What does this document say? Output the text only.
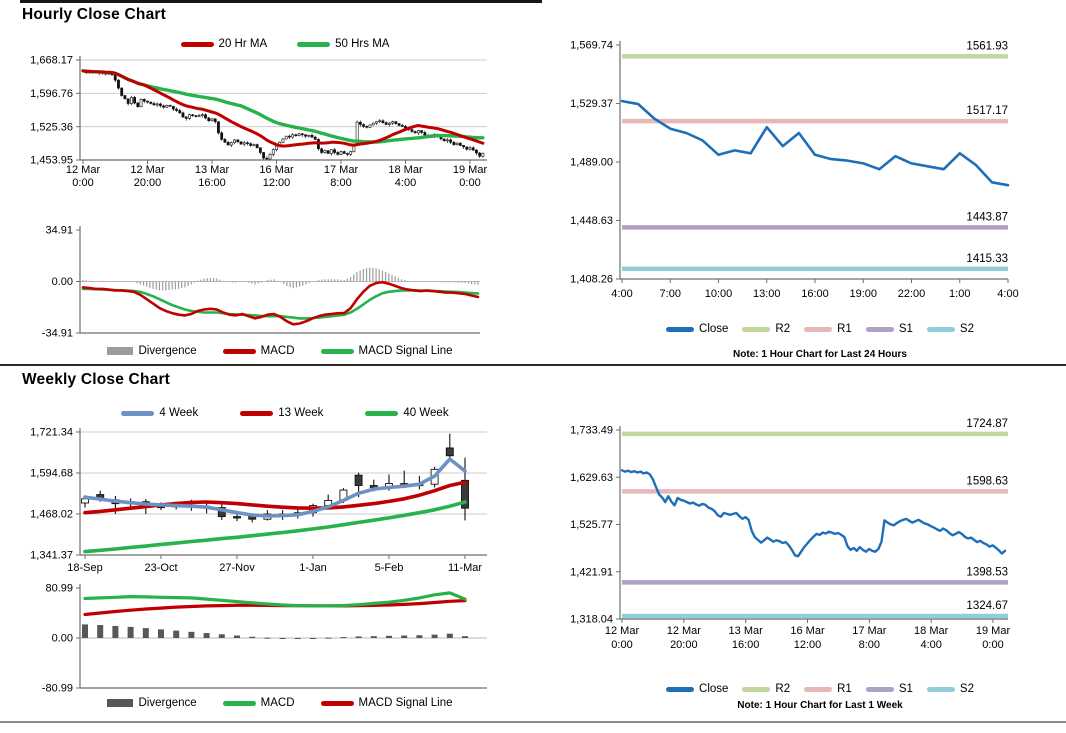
Hourly Close Chart
20 Hr MA	50 Hrs MA
Divergence	MACD	MACD Signal Line
Close	R2	R1	S1	S2
Note: 1 Hour Chart for Last 24 Hours
Weekly Close Chart
4 Week	13 Week	40 Week
Divergence	MACD	MACD Signal Line
Close	R2	R1	S1	S2
Note: 1 Hour Chart for Last 1 Week
1,668.17
1,596.76
1,525.36
1,453.95
12 Mar 0:00
12 Mar 20:00
13 Mar 16:00
16 Mar 12:00
17 Mar 8:00
18 Mar 4:00
19 Mar 0:00
34.91
0.00
-34.91
1,569.74
1,529.37
1,489.00
1,448.63
1,408.26
4:00 7:00 10:00 13:00 16:00 19:00 22:00 1:00 4:00
1561.93
1517.17
1443.87
1415.33
1,721.34
1,594.68
1,468.02
1,341.37
18-Sep	23-Oct	27-Nov	1-Jan	5-Feb	11-Mar
80.99
0.00
-80.99
1,733.49
1,629.63
1,525.77
1,421.91
1,318.04
12 Mar 0:00
12 Mar 20:00
13 Mar 16:00
16 Mar 12:00
17 Mar 8:00
18 Mar 4:00
19 Mar 0:00
1724.87
1598.63
1398.53
1324.67
